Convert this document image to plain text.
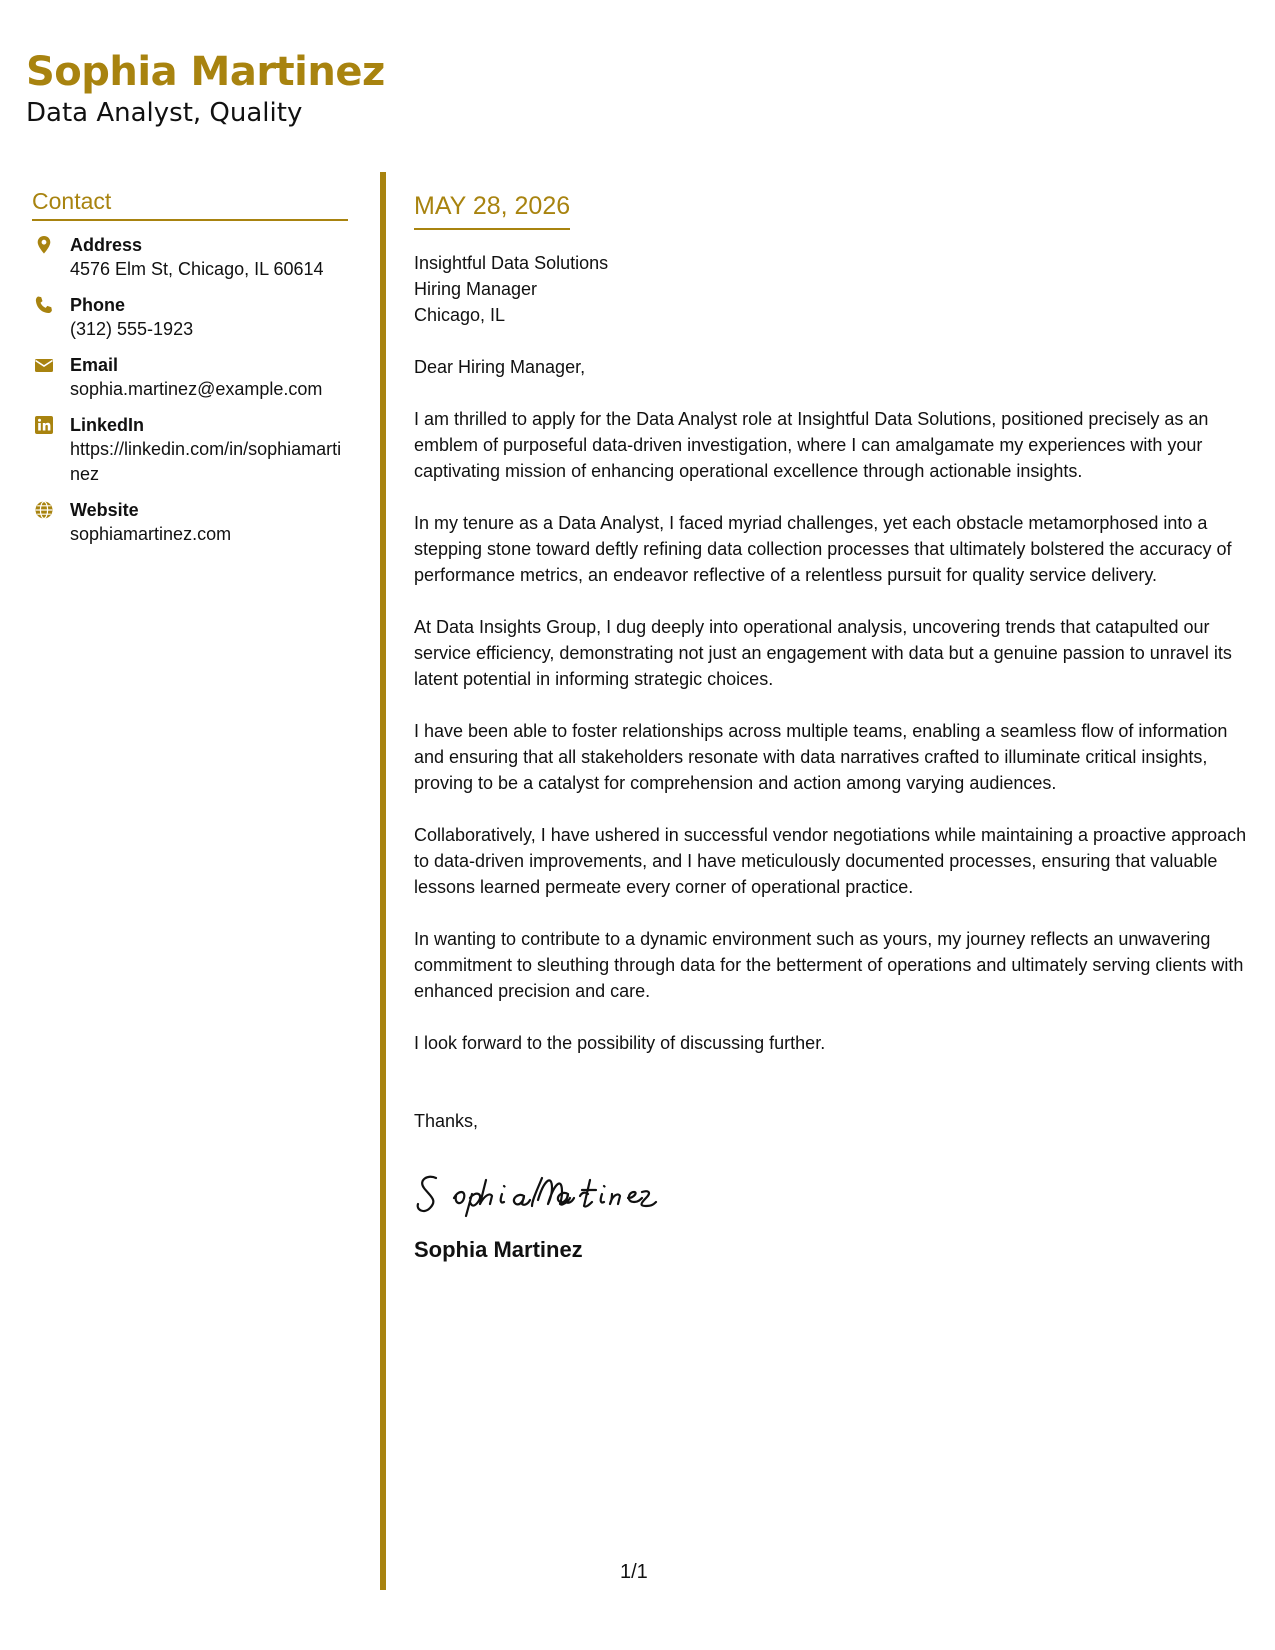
Sophia Martinez
Data Analyst, Quality
Contact
Address
4576 Elm St, Chicago, IL 60614
Phone
(312) 555-1923
Email
sophia.martinez@example.com
LinkedIn
https://linkedin.com/in/sophiamartinez
Website
sophiamartinez.com
MAY 28, 2026
Insightful Data Solutions
Hiring Manager
Chicago, IL

Dear Hiring Manager,

I am thrilled to apply for the Data Analyst role at Insightful Data Solutions, positioned precisely as an emblem of purposeful data-driven investigation, where I can amalgamate my experiences with your captivating mission of enhancing operational excellence through actionable insights.

In my tenure as a Data Analyst, I faced myriad challenges, yet each obstacle metamorphosed into a stepping stone toward deftly refining data collection processes that ultimately bolstered the accuracy of performance metrics, an endeavor reflective of a relentless pursuit for quality service delivery.

At Data Insights Group, I dug deeply into operational analysis, uncovering trends that catapulted our service efficiency, demonstrating not just an engagement with data but a genuine passion to unravel its latent potential in informing strategic choices.

I have been able to foster relationships across multiple teams, enabling a seamless flow of information and ensuring that all stakeholders resonate with data narratives crafted to illuminate critical insights, proving to be a catalyst for comprehension and action among varying audiences.

Collaboratively, I have ushered in successful vendor negotiations while maintaining a proactive approach to data-driven improvements, and I have meticulously documented processes, ensuring that valuable lessons learned permeate every corner of operational practice.

In wanting to contribute to a dynamic environment such as yours, my journey reflects an unwavering commitment to sleuthing through data for the betterment of operations and ultimately serving clients with enhanced precision and care.

I look forward to the possibility of discussing further.

Thanks,
Sophia Martinez
1/1
